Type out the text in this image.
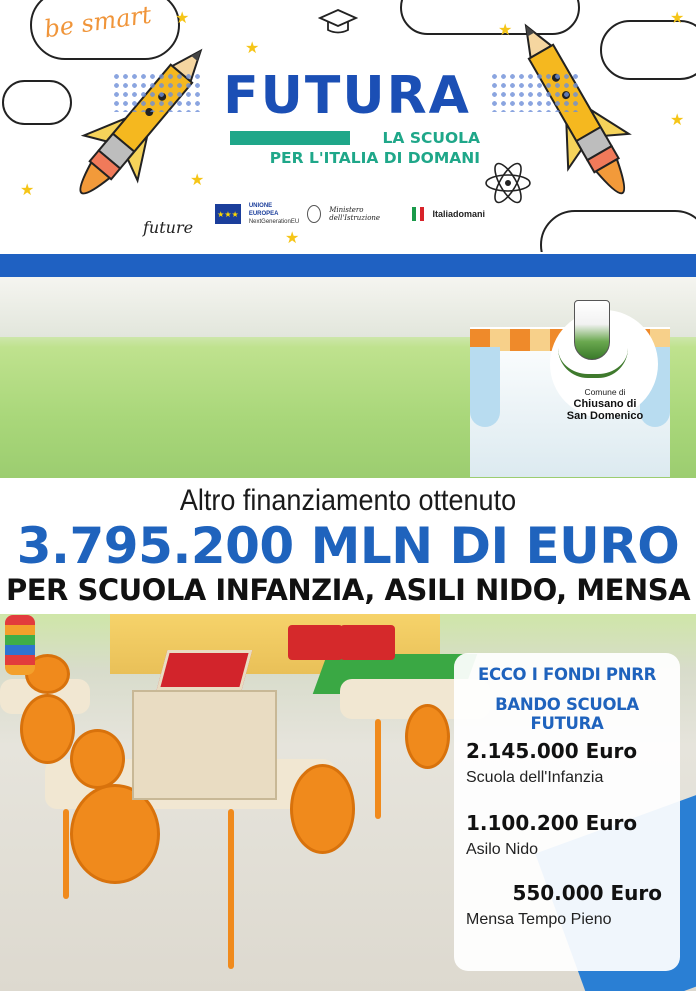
be smart ★
★
★
★
★
★
★
★
FUTURA
LA SCUOLA
PER L'ITALIA DI DOMANI
★★★
UNIONE EUROPEA
NextGenerationEU
Ministero dell'Istruzione	Italiadomani
future
Comune di
Chiusano di
San Domenico
Altro finanziamento ottenuto
3.795.200 MLN DI EURO
PER SCUOLA INFANZIA, ASILI NIDO, MENSA
ECCO I FONDI PNRR
BANDO SCUOLA FUTURA
2.145.000 Euro
Scuola dell'Infanzia
1.100.200 Euro
Asilo Nido
550.000 Euro
Mensa Tempo Pieno
